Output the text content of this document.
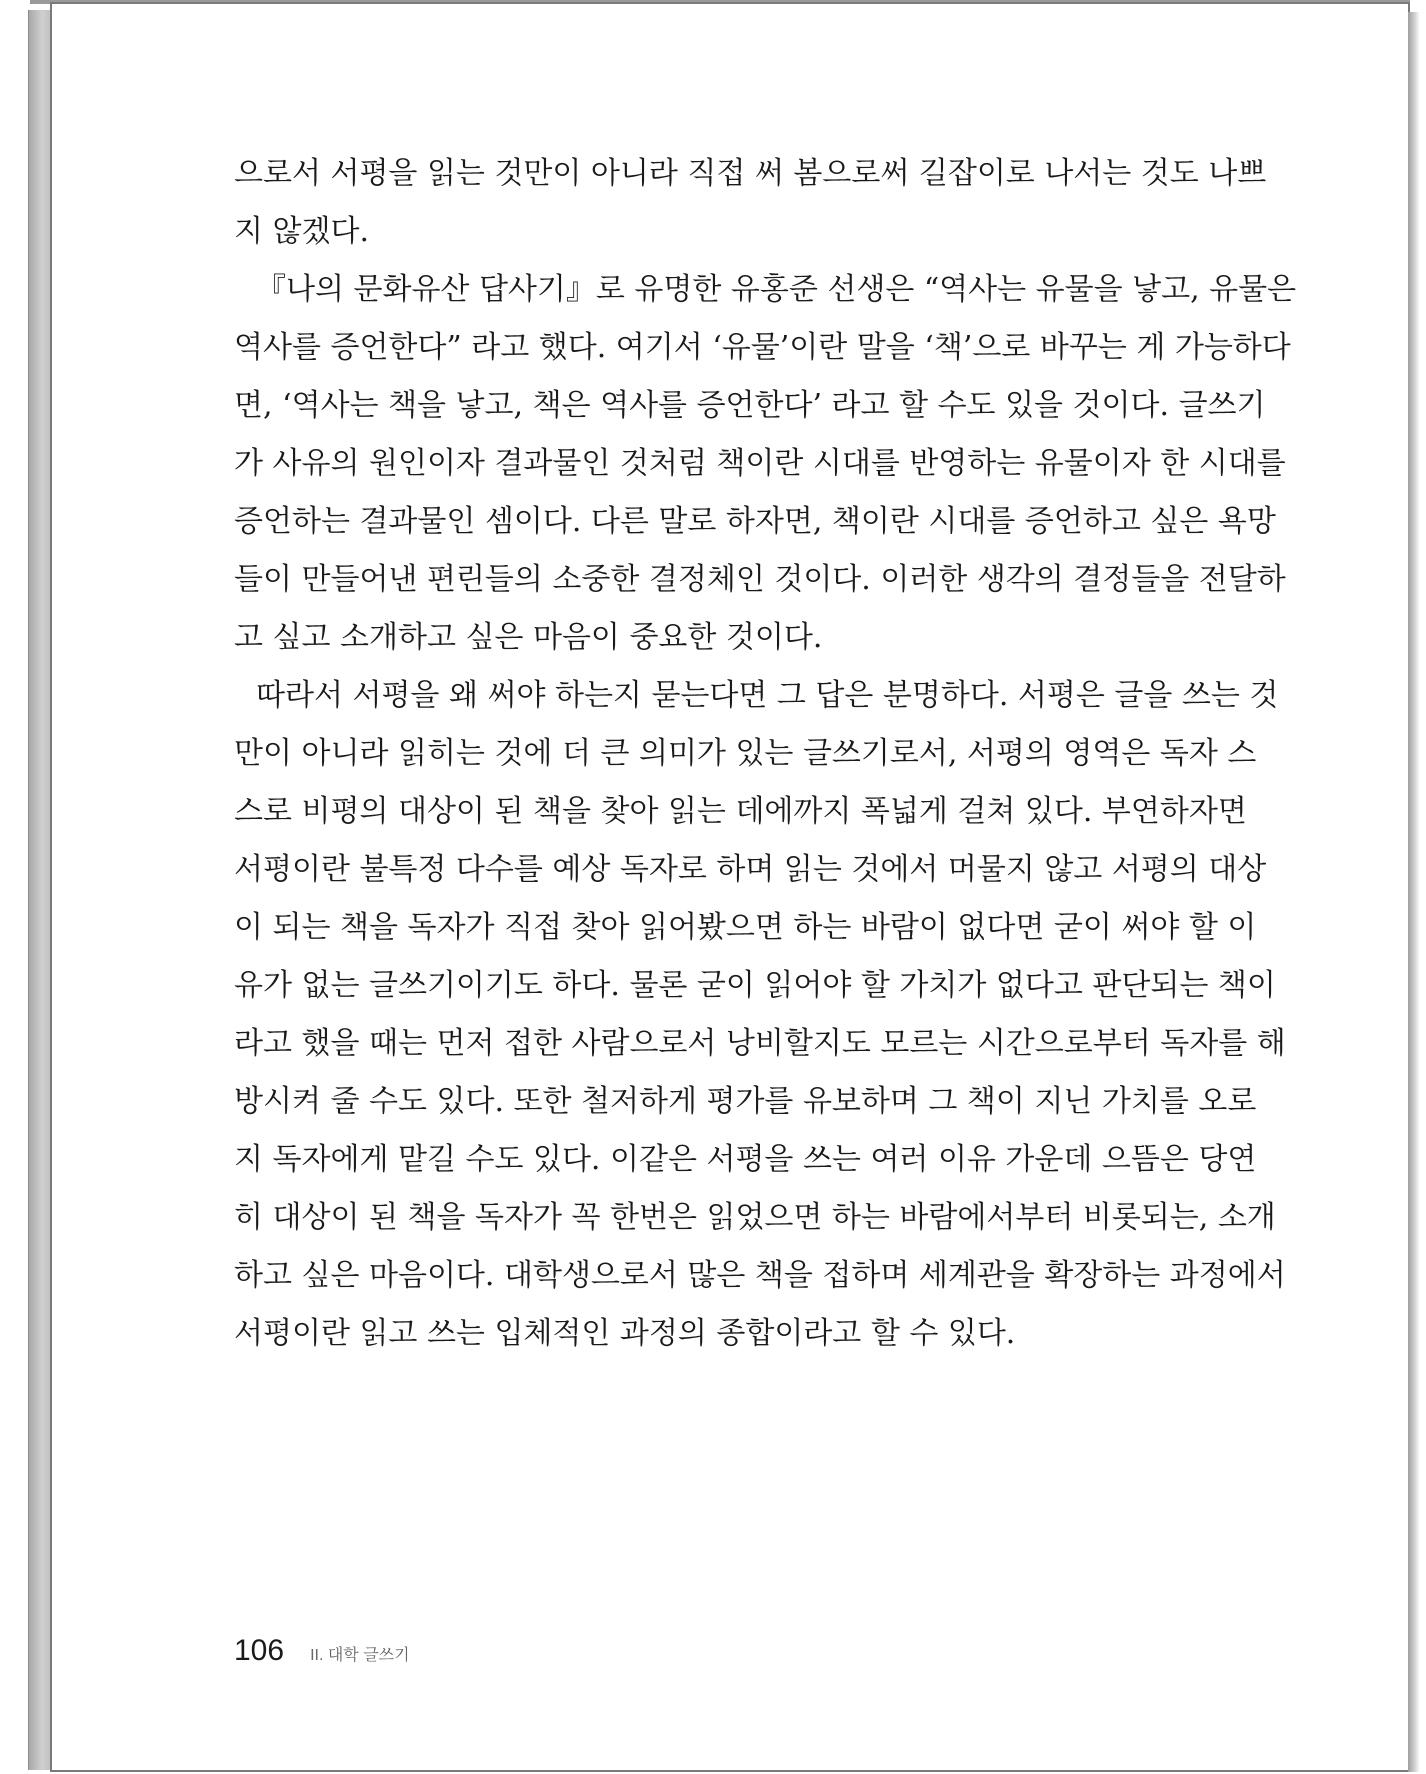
으로서 서평을 읽는 것만이 아니라 직접 써 봄으로써 길잡이로 나서는 것도 나쁘
지 않겠다.
『나의 문화유산 답사기』로 유명한 유홍준 선생은 “역사는 유물을 낳고, 유물은
역사를 증언한다” 라고 했다. 여기서 ‘유물’이란 말을 ‘책’으로 바꾸는 게 가능하다
면, ‘역사는 책을 낳고, 책은 역사를 증언한다’ 라고 할 수도 있을 것이다. 글쓰기
가 사유의 원인이자 결과물인 것처럼 책이란 시대를 반영하는 유물이자 한 시대를
증언하는 결과물인 셈이다. 다른 말로 하자면, 책이란 시대를 증언하고 싶은 욕망
들이 만들어낸 편린들의 소중한 결정체인 것이다. 이러한 생각의 결정들을 전달하
고 싶고 소개하고 싶은 마음이 중요한 것이다.
따라서 서평을 왜 써야 하는지 묻는다면 그 답은 분명하다. 서평은 글을 쓰는 것
만이 아니라 읽히는 것에 더 큰 의미가 있는 글쓰기로서, 서평의 영역은 독자 스
스로 비평의 대상이 된 책을 찾아 읽는 데에까지 폭넓게 걸쳐 있다. 부연하자면
서평이란 불특정 다수를 예상 독자로 하며 읽는 것에서 머물지 않고 서평의 대상
이 되는 책을 독자가 직접 찾아 읽어봤으면 하는 바람이 없다면 굳이 써야 할 이
유가 없는 글쓰기이기도 하다. 물론 굳이 읽어야 할 가치가 없다고 판단되는 책이
라고 했을 때는 먼저 접한 사람으로서 낭비할지도 모르는 시간으로부터 독자를 해
방시켜 줄 수도 있다. 또한 철저하게 평가를 유보하며 그 책이 지닌 가치를 오로
지 독자에게 맡길 수도 있다. 이같은 서평을 쓰는 여러 이유 가운데 으뜸은 당연
히 대상이 된 책을 독자가 꼭 한번은 읽었으면 하는 바람에서부터 비롯되는, 소개
하고 싶은 마음이다. 대학생으로서 많은 책을 접하며 세계관을 확장하는 과정에서
서평이란 읽고 쓰는 입체적인 과정의 종합이라고 할 수 있다.
106 II. 대학 글쓰기
